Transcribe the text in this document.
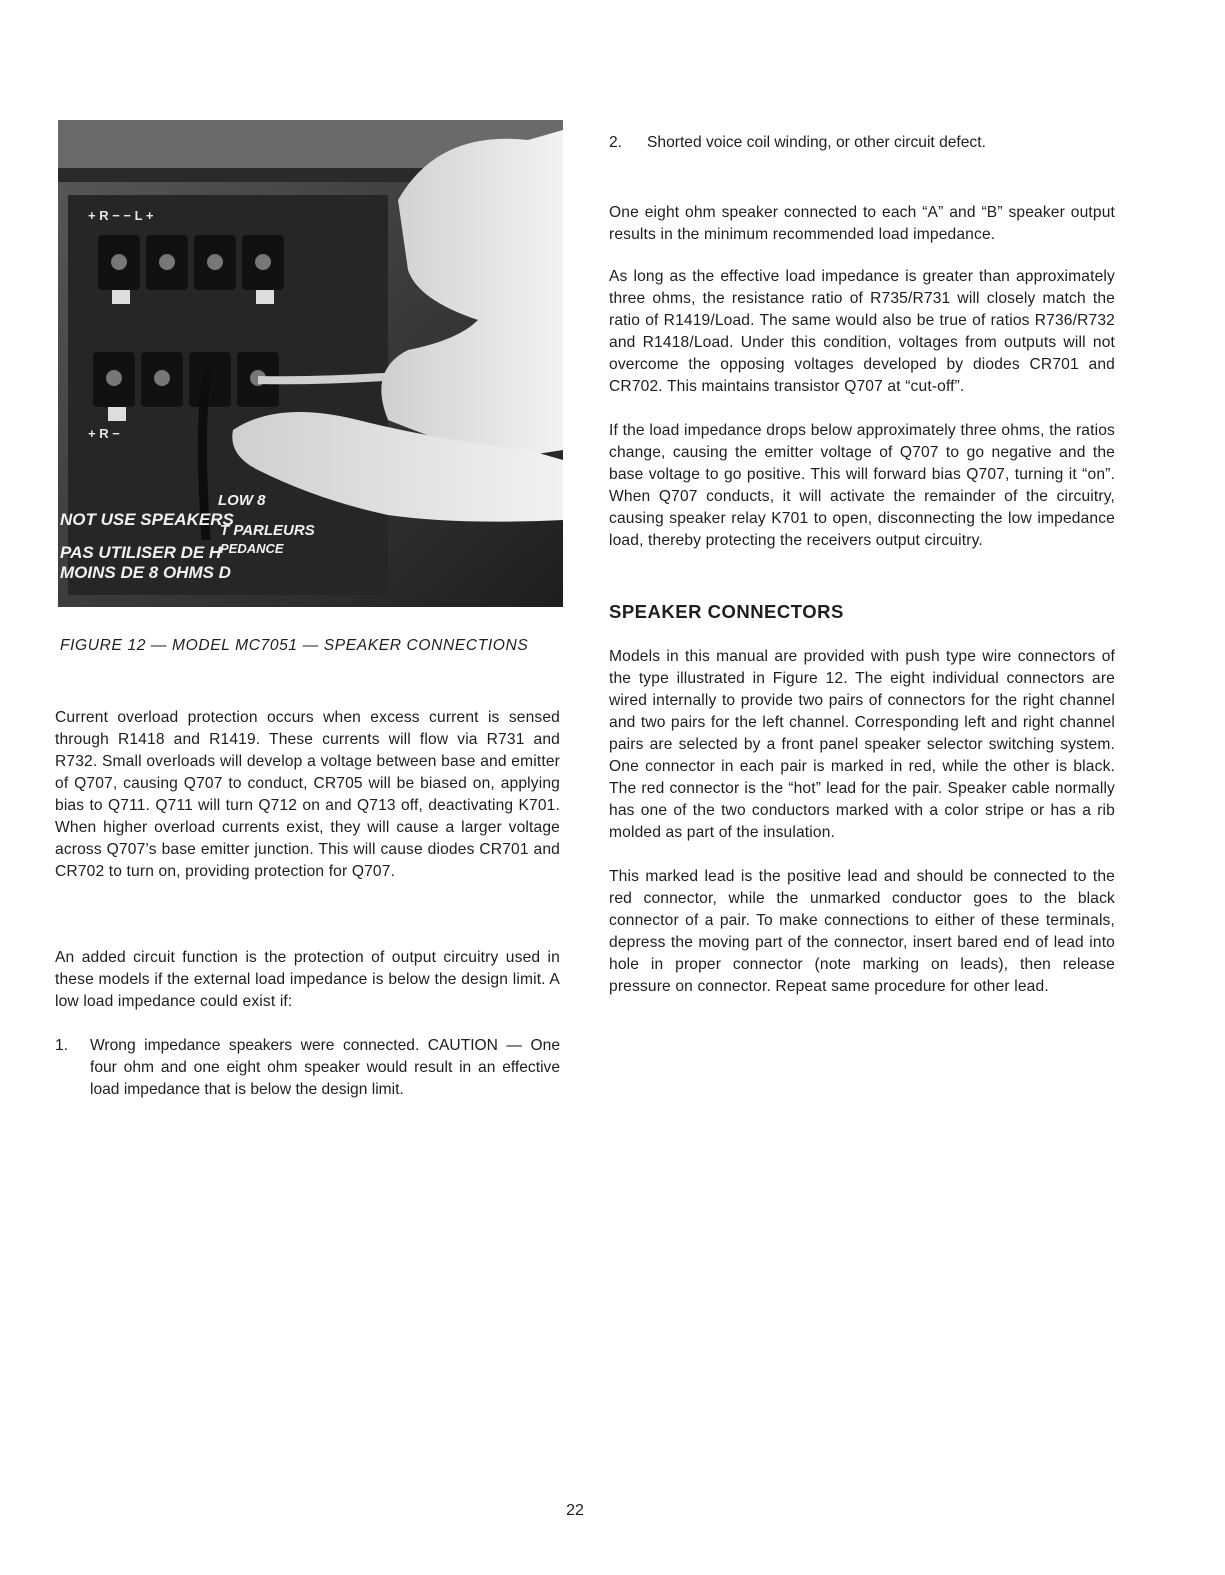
+ R − − L +
+ R −
NOT USE SPEAKERS
PAS UTILISER DE H
MOINS DE 8 OHMS D
LOW 8
T PARLEURS
PEDANCE
FIGURE 12 — MODEL MC7051 — SPEAKER CONNECTIONS

Current overload protection occurs when excess current is sensed through R1418 and R1419. These currents will flow via R731 and R732. Small overloads will develop a voltage between base and emitter of Q707, causing Q707 to conduct, CR705 will be biased on, applying bias to Q711. Q711 will turn Q712 on and Q713 off, deactivating K701. When higher overload currents exist, they will cause a larger voltage across Q707’s base emitter junction. This will cause diodes CR701 and CR702 to turn on, providing protection for Q707.

An added circuit function is the protection of output circuitry used in these models if the external load impedance is below the design limit. A low load impedance could exist if:

1.	Wrong impedance speakers were connected. CAUTION — One four ohm and one eight ohm speaker would result in an effective load impedance that is below the design limit.
2.	Shorted voice coil winding, or other circuit defect.

One eight ohm speaker connected to each “A” and “B” speaker output results in the minimum recommended load impedance.

As long as the effective load impedance is greater than approximately three ohms, the resistance ratio of R735/R731 will closely match the ratio of R1419/Load. The same would also be true of ratios R736/R732 and R1418/Load. Under this condition, voltages from outputs will not overcome the opposing voltages developed by diodes CR701 and CR702. This maintains transistor Q707 at “cut-off”.

If the load impedance drops below approximately three ohms, the ratios change, causing the emitter voltage of Q707 to go negative and the base voltage to go positive. This will forward bias Q707, turning it “on”. When Q707 conducts, it will activate the remainder of the circuitry, causing speaker relay K701 to open, disconnecting the low impedance load, thereby protecting the receivers output circuitry.

SPEAKER CONNECTORS

Models in this manual are provided with push type wire connectors of the type illustrated in Figure 12. The eight individual connectors are wired internally to provide two pairs of connectors for the right channel and two pairs for the left channel. Corresponding left and right channel pairs are selected by a front panel speaker selector switching system. One connector in each pair is marked in red, while the other is black. The red connector is the “hot” lead for the pair. Speaker cable normally has one of the two conductors marked with a color stripe or has a rib molded as part of the insulation.

This marked lead is the positive lead and should be connected to the red connector, while the unmarked conductor goes to the black connector of a pair. To make connections to either of these terminals, depress the moving part of the connector, insert bared end of lead into hole in proper connector (note marking on leads), then release pressure on connector. Repeat same procedure for other lead.

22
